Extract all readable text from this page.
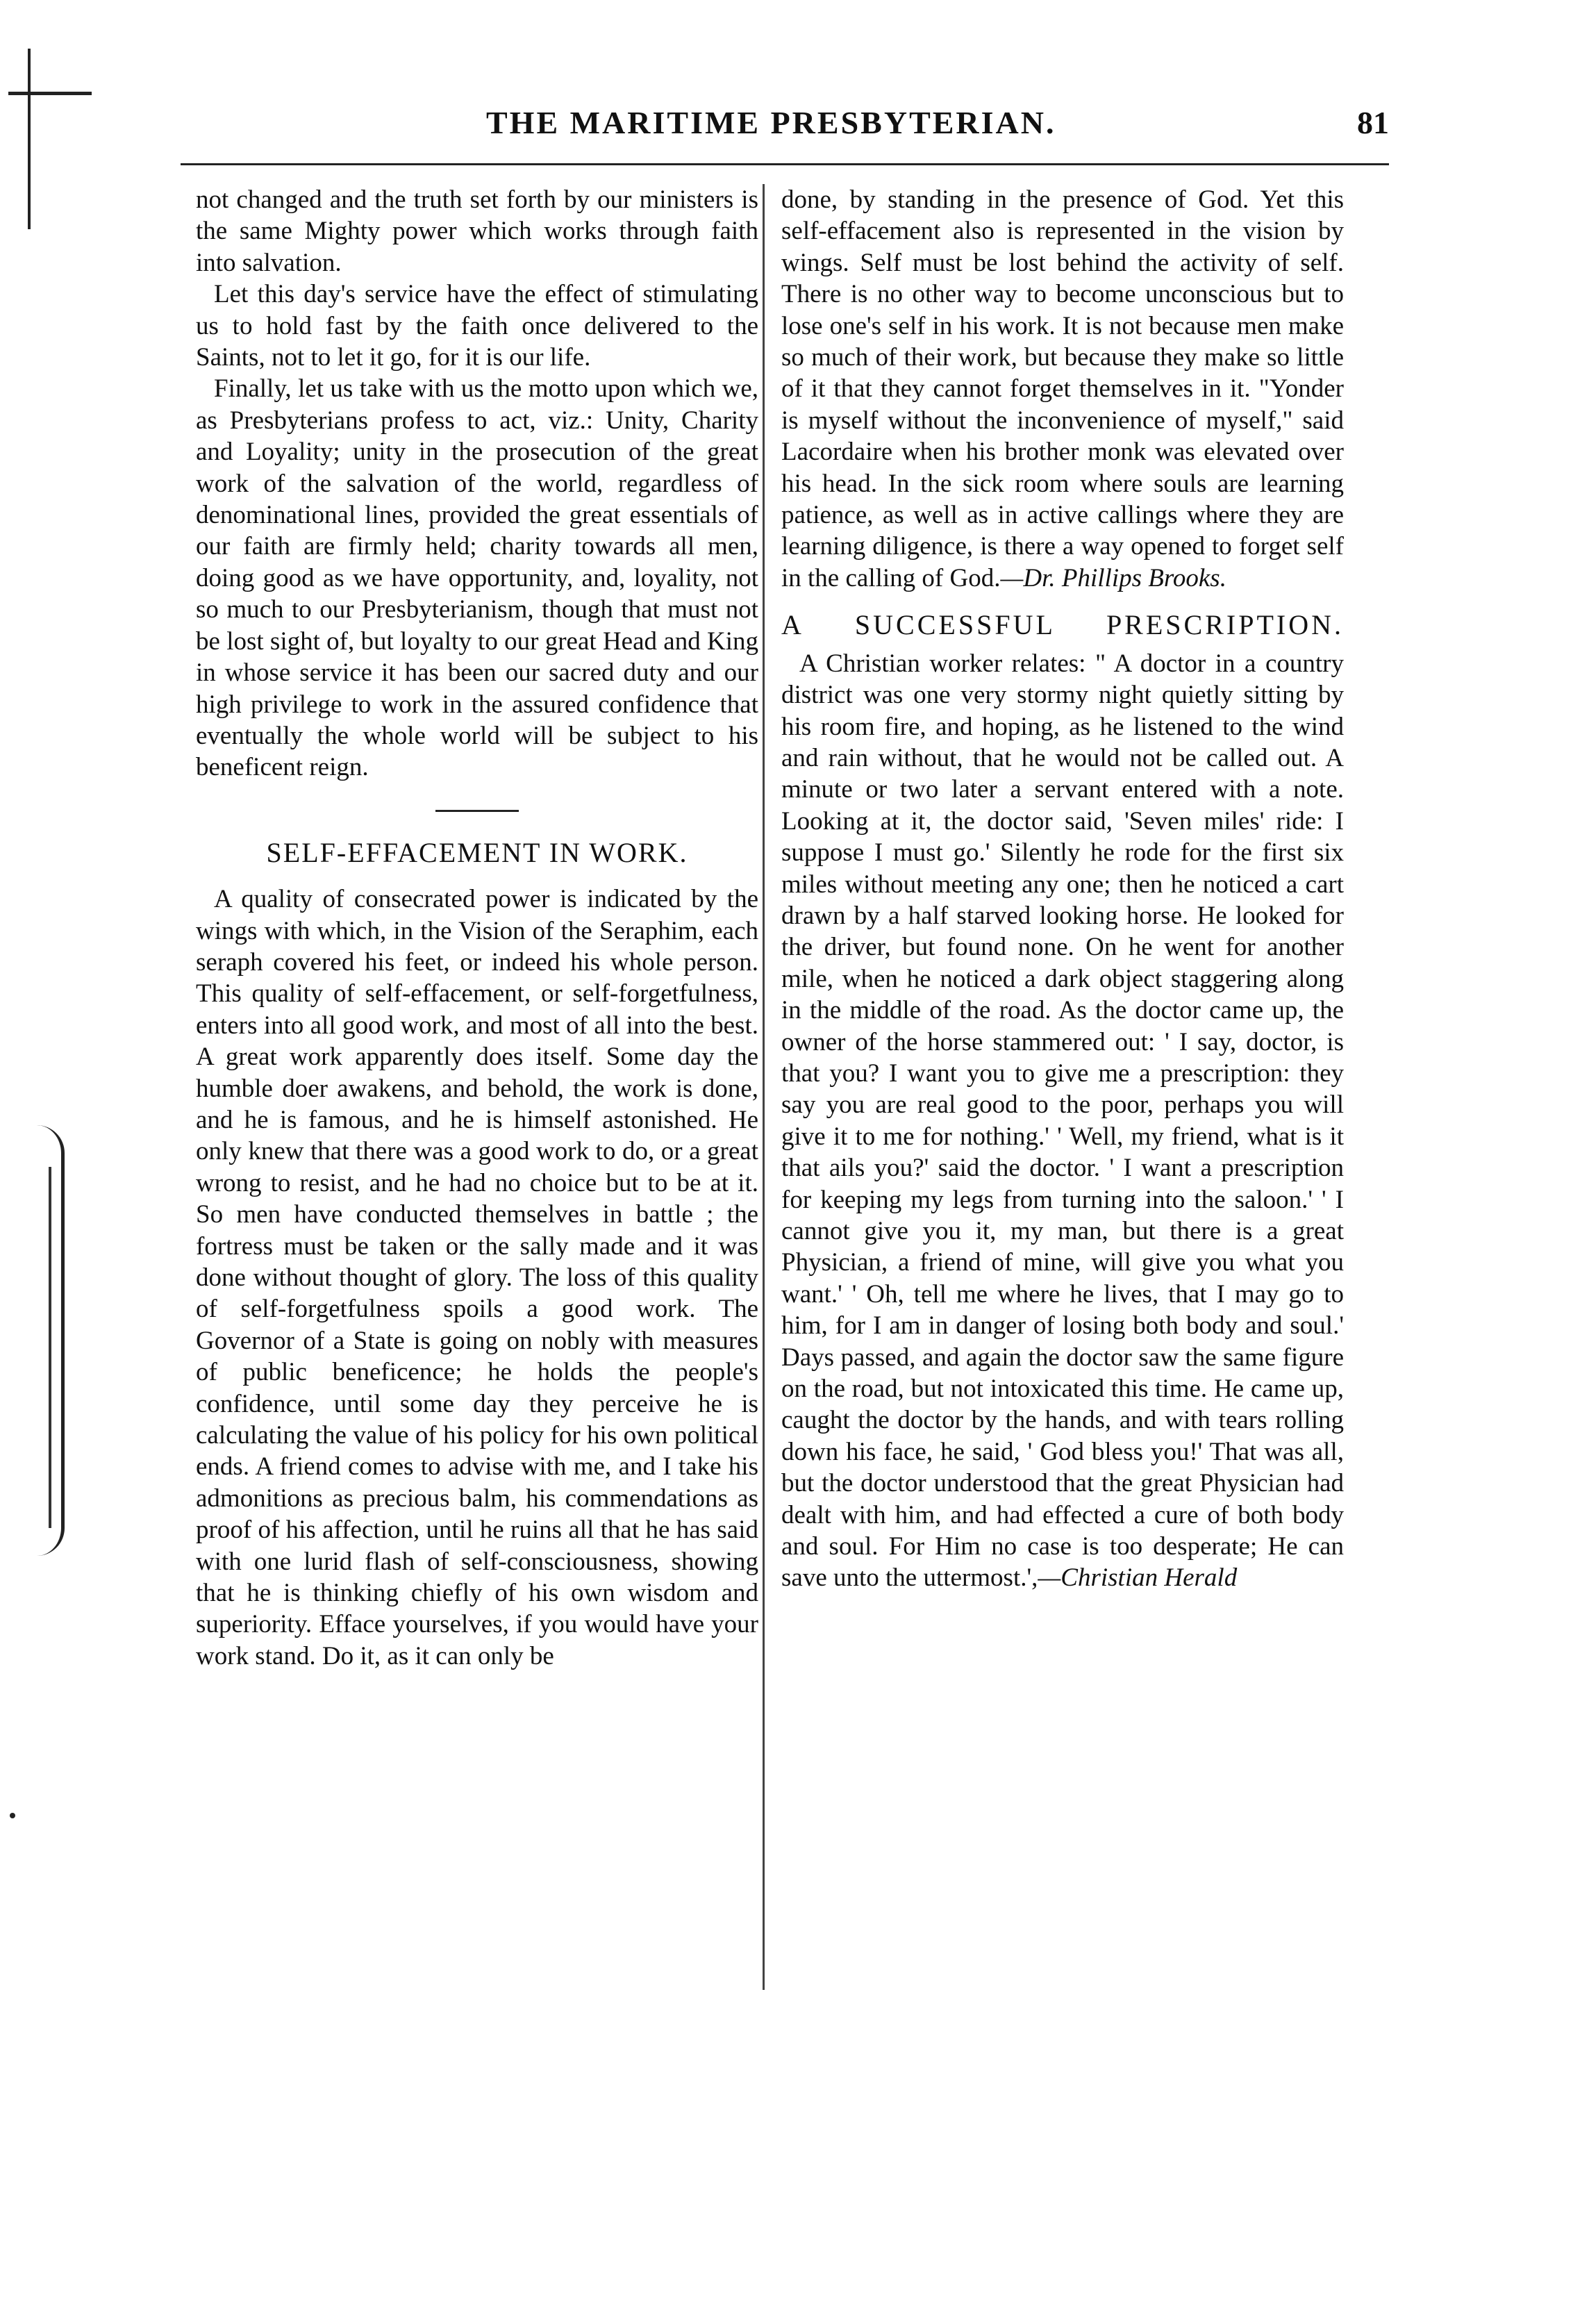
THE MARITIME PRESBYTERIAN.	81

not changed and the truth set forth by our ministers is the same Mighty power which works through faith into salvation.

Let this day's service have the effect of stimulating us to hold fast by the faith once delivered to the Saints, not to let it go, for it is our life.

Finally, let us take with us the motto upon which we, as Presbyterians profess to act, viz.: Unity, Charity and Loyality; unity in the prosecution of the great work of the salvation of the world, regardless of denominational lines, provided the great essentials of our faith are firmly held; charity towards all men, doing good as we have opportunity, and, loyality, not so much to our Presbyterianism, though that must not be lost sight of, but loyalty to our great Head and King in whose service it has been our sacred duty and our high privilege to work in the assured confidence that eventually the whole world will be subject to his beneficent reign.

SELF-EFFACEMENT IN WORK.

A quality of consecrated power is indicated by the wings with which, in the Vision of the Seraphim, each seraph covered his feet, or indeed his whole person. This quality of self-effacement, or self-forgetfulness, enters into all good work, and most of all into the best. A great work apparently does itself. Some day the humble doer awakens, and behold, the work is done, and he is famous, and he is himself astonished. He only knew that there was a good work to do, or a great wrong to resist, and he had no choice but to be at it. So men have conducted themselves in battle ; the fortress must be taken or the sally made and it was done without thought of glory. The loss of this quality of self-forgetfulness spoils a good work. The Governor of a State is going on nobly with measures of public beneficence; he holds the people's confidence, until some day they perceive he is calculating the value of his policy for his own political ends. A friend comes to advise with me, and I take his admonitions as precious balm, his commendations as proof of his affection, until he ruins all that he has said with one lurid flash of self-consciousness, showing that he is thinking chiefly of his own wisdom and superiority. Efface yourselves, if you would have your work stand. Do it, as it can only be

done, by standing in the presence of God. Yet this self-effacement also is represented in the vision by wings. Self must be lost behind the activity of self. There is no other way to become unconscious but to lose one's self in his work. It is not because men make so much of their work, but because they make so little of it that they cannot forget themselves in it. "Yonder is myself without the inconvenience of myself," said Lacordaire when his brother monk was elevated over his head. In the sick room where souls are learning patience, as well as in active callings where they are learning diligence, is there a way opened to forget self in the calling of God.—Dr. Phillips Brooks.

A SUCCESSFUL PRESCRIPTION.

A Christian worker relates: " A doctor in a country district was one very stormy night quietly sitting by his room fire, and hoping, as he listened to the wind and rain without, that he would not be called out. A minute or two later a servant entered with a note. Looking at it, the doctor said, 'Seven miles' ride: I suppose I must go.' Silently he rode for the first six miles without meeting any one; then he noticed a cart drawn by a half starved looking horse. He looked for the driver, but found none. On he went for another mile, when he noticed a dark object staggering along in the middle of the road. As the doctor came up, the owner of the horse stammered out: ' I say, doctor, is that you? I want you to give me a prescription: they say you are real good to the poor, perhaps you will give it to me for nothing.' ' Well, my friend, what is it that ails you?' said the doctor. ' I want a prescription for keeping my legs from turning into the saloon.' ' I cannot give you it, my man, but there is a great Physician, a friend of mine, will give you what you want.' ' Oh, tell me where he lives, that I may go to him, for I am in danger of losing both body and soul.' Days passed, and again the doctor saw the same figure on the road, but not intoxicated this time. He came up, caught the doctor by the hands, and with tears rolling down his face, he said, ' God bless you!' That was all, but the doctor understood that the great Physician had dealt with him, and had effected a cure of both body and soul. For Him no case is too desperate; He can save unto the uttermost.',—Christian Herald
